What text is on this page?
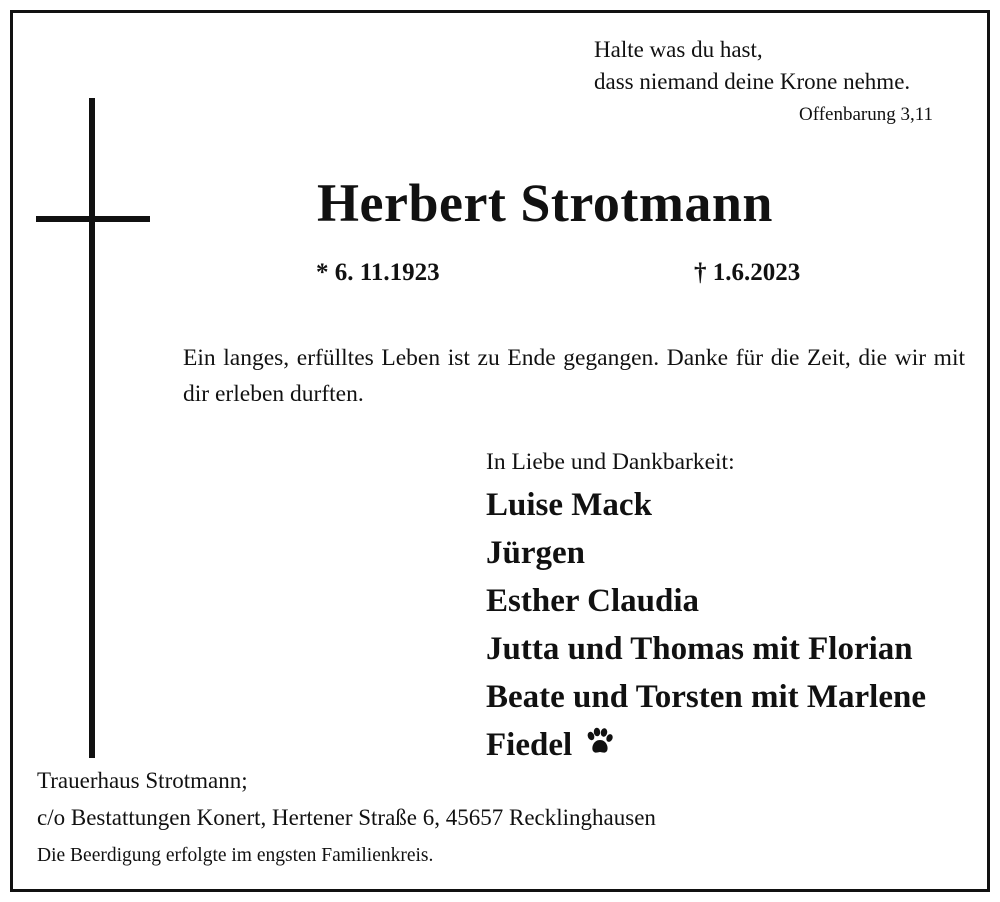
Halte was du hast,
dass niemand deine Krone nehme.
Offenbarung 3,11
Herbert Strotmann
* 6. 11.1923	† 1.6.2023
Ein langes, erfülltes Leben ist zu Ende gegangen. Danke für die Zeit, die wir mit dir erleben durften.
In Liebe und Dankbarkeit:
Luise Mack
Jürgen
Esther Claudia
Jutta und Thomas mit Florian
Beate und Torsten mit Marlene
Fiedel
Trauerhaus Strotmann;
c/o Bestattungen Konert, Hertener Straße 6, 45657 Recklinghausen
Die Beerdigung erfolgte im engsten Familienkreis.
